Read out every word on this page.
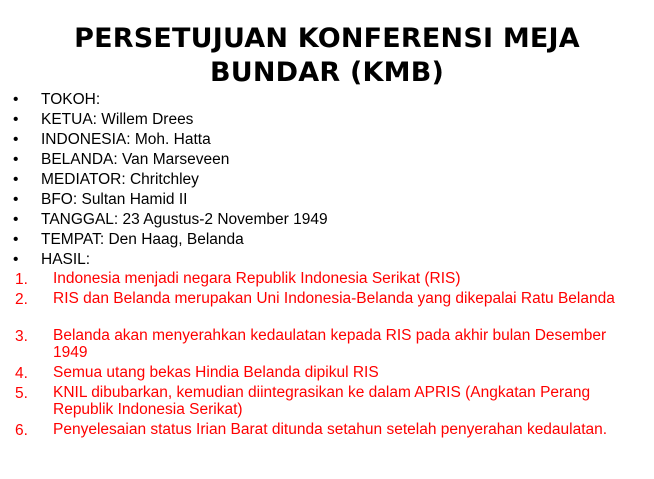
PERSETUJUAN KONFERENSI MEJA
BUNDAR (KMB)
• TOKOH:
• KETUA: Willem Drees
• INDONESIA: Moh. Hatta
• BELANDA: Van Marseveen
• MEDIATOR: Chritchley
• BFO: Sultan Hamid II
• TANGGAL: 23 Agustus-2 November 1949
• TEMPAT: Den Haag, Belanda
• HASIL:
1. Indonesia menjadi negara Republik Indonesia Serikat (RIS)
2. RIS dan Belanda merupakan Uni Indonesia-Belanda yang dikepalai Ratu Belanda
3. Belanda akan menyerahkan kedaulatan kepada RIS pada akhir bulan Desember 1949
4. Semua utang bekas Hindia Belanda dipikul RIS
5. KNIL dibubarkan, kemudian diintegrasikan ke dalam APRIS (Angkatan Perang Republik Indonesia Serikat)
6. Penyelesaian status Irian Barat ditunda setahun setelah penyerahan kedaulatan.
